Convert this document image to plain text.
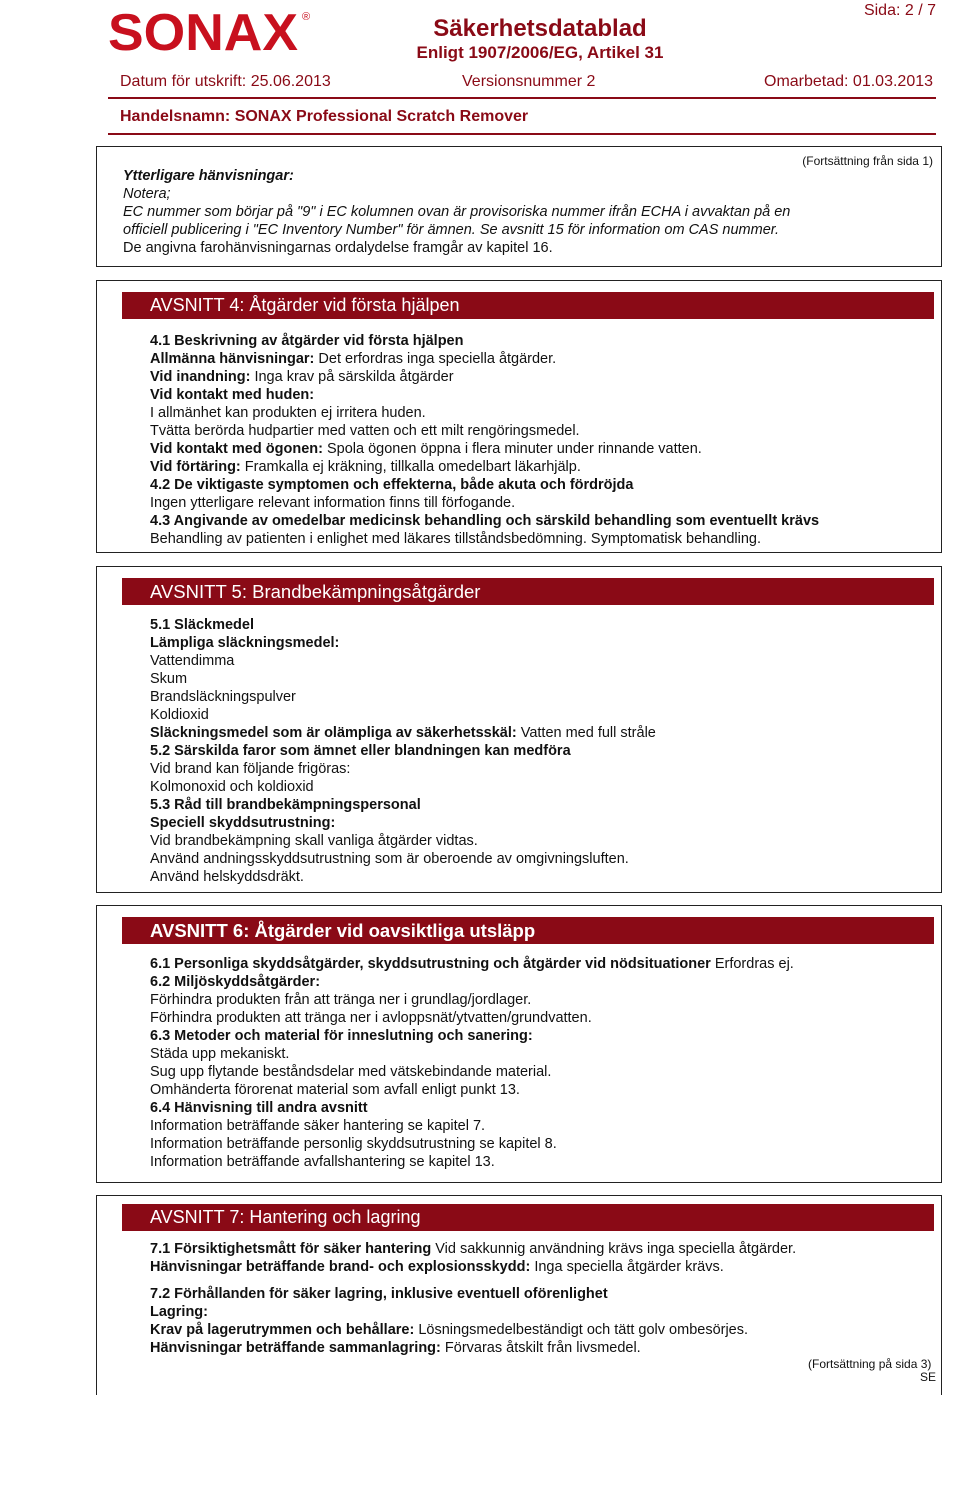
SONAX ®	Säkerhetsdatablad
Enligt 1907/2006/EG, Artikel 31
Sida: 2 / 7
Datum för utskrift: 25.06.2013	Versionsnummer 2	Omarbetad: 01.03.2013
Handelsnamn: SONAX Professional Scratch Remover
(Fortsättning från sida 1)
Ytterligare hänvisningar:
Notera;
EC nummer som börjar på "9" i EC kolumnen ovan är provisoriska nummer ifrån ECHA i avvaktan på en
officiell publicering i "EC Inventory Number" för ämnen. Se avsnitt 15 för information om CAS nummer.
De angivna farohänvisningarnas ordalydelse framgår av kapitel 16.
AVSNITT 4: Åtgärder vid första hjälpen
4.1 Beskrivning av åtgärder vid första hjälpen
Allmänna hänvisningar: Det erfordras inga speciella åtgärder.
Vid inandning: Inga krav på särskilda åtgärder
Vid kontakt med huden:
I allmänhet kan produkten ej irritera huden.
Tvätta berörda hudpartier med vatten och ett milt rengöringsmedel.
Vid kontakt med ögonen: Spola ögonen öppna i flera minuter under rinnande vatten.
Vid förtäring: Framkalla ej kräkning, tillkalla omedelbart läkarhjälp.
4.2 De viktigaste symptomen och effekterna, både akuta och fördröjda
Ingen ytterligare relevant information finns till förfogande.
4.3 Angivande av omedelbar medicinsk behandling och särskild behandling som eventuellt krävs
Behandling av patienten i enlighet med läkares tillståndsbedömning. Symptomatisk behandling.
AVSNITT 5: Brandbekämpningsåtgärder
5.1 Släckmedel
Lämpliga släckningsmedel:
Vattendimma
Skum
Brandsläckningspulver
Koldioxid
Släckningsmedel som är olämpliga av säkerhetsskäl: Vatten med full stråle
5.2 Särskilda faror som ämnet eller blandningen kan medföra
Vid brand kan följande frigöras:
Kolmonoxid och koldioxid
5.3 Råd till brandbekämpningspersonal
Speciell skyddsutrustning:
Vid brandbekämpning skall vanliga åtgärder vidtas.
Använd andningsskyddsutrustning som är oberoende av omgivningsluften.
Använd helskyddsdräkt.
AVSNITT 6: Åtgärder vid oavsiktliga utsläpp
6.1 Personliga skyddsåtgärder, skyddsutrustning och åtgärder vid nödsituationer Erfordras ej.
6.2 Miljöskyddsåtgärder:
Förhindra produkten från att tränga ner i grundlag/jordlager.
Förhindra produkten att tränga ner i avloppsnät/ytvatten/grundvatten.
6.3 Metoder och material för inneslutning och sanering:
Städa upp mekaniskt.
Sug upp flytande beståndsdelar med vätskebindande material.
Omhänderta förorenat material som avfall enligt punkt 13.
6.4 Hänvisning till andra avsnitt
Information beträffande säker hantering se kapitel 7.
Information beträffande personlig skyddsutrustning se kapitel 8.
Information beträffande avfallshantering se kapitel 13.
AVSNITT 7: Hantering och lagring
7.1 Försiktighetsmått för säker hantering Vid sakkunnig användning krävs inga speciella åtgärder.
Hänvisningar beträffande brand- och explosionsskydd: Inga speciella åtgärder krävs.
7.2 Förhållanden för säker lagring, inklusive eventuell oförenlighet
Lagring:
Krav på lagerutrymmen och behållare: Lösningsmedelbeständigt och tätt golv ombesörjes.
Hänvisningar beträffande sammanlagring: Förvaras åtskilt från livsmedel.
(Fortsättning på sida 3)
SE
